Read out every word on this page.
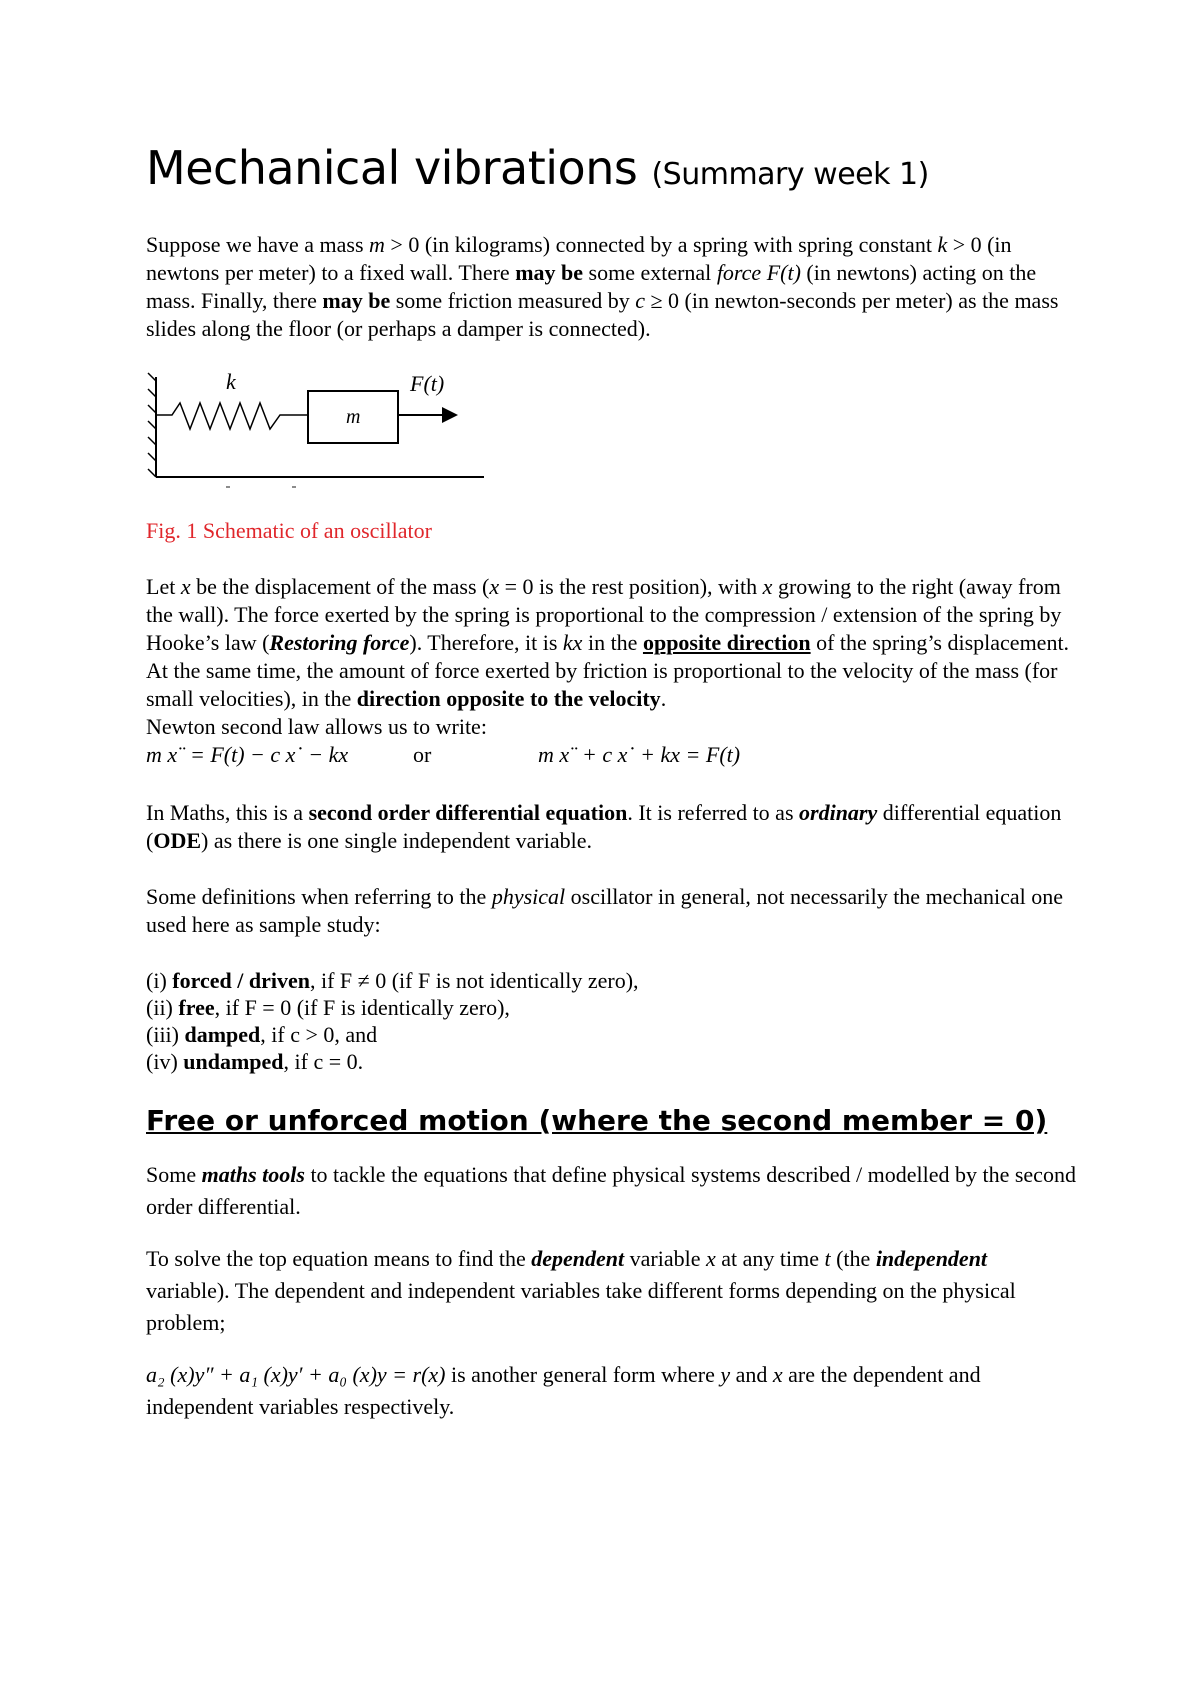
Mechanical vibrations (Summary week 1)

Suppose we have a mass m > 0 (in kilograms) connected by a spring with spring constant k > 0 (in newtons per meter) to a fixed wall. There may be some external force F(t) (in newtons) acting on the mass. Finally, there may be some friction measured by c ≥ 0 (in newton-seconds per meter) as the mass slides along the floor (or perhaps a damper is connected).

k
m
F(t)

Fig. 1 Schematic of an oscillator

Let x be the displacement of the mass (x = 0 is the rest position), with x growing to the right (away from the wall). The force exerted by the spring is proportional to the compression / extension of the spring by Hooke’s law (Restoring force). Therefore, it is kx in the opposite direction of the spring’s displacement.

At the same time, the amount of force exerted by friction is proportional to the velocity of the mass (for small velocities), in the direction opposite to the velocity.

Newton second law allows us to write:

m x¨ = F(t) − c x˙ − kx	or	m x¨ + c x˙ + kx = F(t)

In Maths, this is a second order differential equation. It is referred to as ordinary differential equation (ODE) as there is one single independent variable.

Some definitions when referring to the physical oscillator in general, not necessarily the mechanical one used here as sample study:

(i) forced / driven, if F ≠ 0 (if F is not identically zero),

(ii) free, if F = 0 (if F is identically zero),

(iii) damped, if c > 0, and

(iv) undamped, if c = 0.

Free or unforced motion (where the second member = 0)

Some maths tools to tackle the equations that define physical systems described / modelled by the second order differential.

To solve the top equation means to find the dependent variable x at any time t (the independent variable). The dependent and independent variables take different forms depending on the physical problem;

a₂ (x)y″ + a₁ (x)y′ + a₀ (x)y = r(x) is another general form where y and x are the dependent and independent variables respectively.
